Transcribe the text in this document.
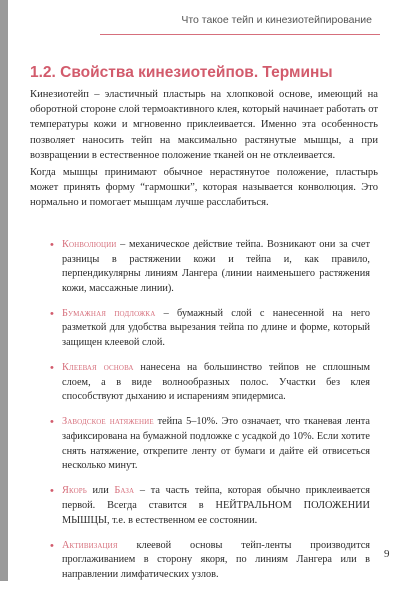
Что такое тейп и кинезиотейпирование
1.2. Свойства кинезиотейпов. Термины

Кинезиотейп – эластичный пластырь на хлопковой основе, имеющий на оборотной стороне слой термоактивного клея, который начинает работать от температуры кожи и мгновенно приклеивается. Именно эта особенность позволяет наносить тейп на максимально растянутые мышцы, а при возвращении в естественное положение тканей он не отклеивается.

Когда мышцы принимают обычное нерастянутое положение, пластырь может принять форму “гармошки”, которая называется конволюция. Это нормально и помогает мышцам лучше расслабиться.

• Конволюции – механическое действие тейпа. Возникают они за счет разницы в растяжении кожи и тейпа и, как правило, перпендикулярны линиям Лангера (линии наименьшего растяжения кожи, массажные линии).
• Бумажная подложка – бумажный слой с нанесенной на него разметкой для удобства вырезания тейпа по длине и форме, который защищен клеевой слой.
• Клеевая основа нанесена на большинство тейпов не сплошным слоем, а в виде волнообразных полос. Участки без клея способствуют дыханию и испарениям эпидермиса.
• Заводское натяжение тейпа 5–10%. Это означает, что тканевая лента зафиксирована на бумажной подложке с усадкой до 10%. Если хотите снять натяжение, открепите ленту от бумаги и дайте ей отвисеться несколько минут.
• Якорь или База – та часть тейпа, которая обычно приклеивается первой. Всегда ставится в НЕЙТРАЛЬНОМ ПОЛОЖЕНИИ МЫШЦЫ, т.е. в естественном ее состоянии.
• Активизация клеевой основы тейп-ленты производится проглаживанием в сторону якоря, по линиям Лангера или в направлении лимфатических узлов.
9
